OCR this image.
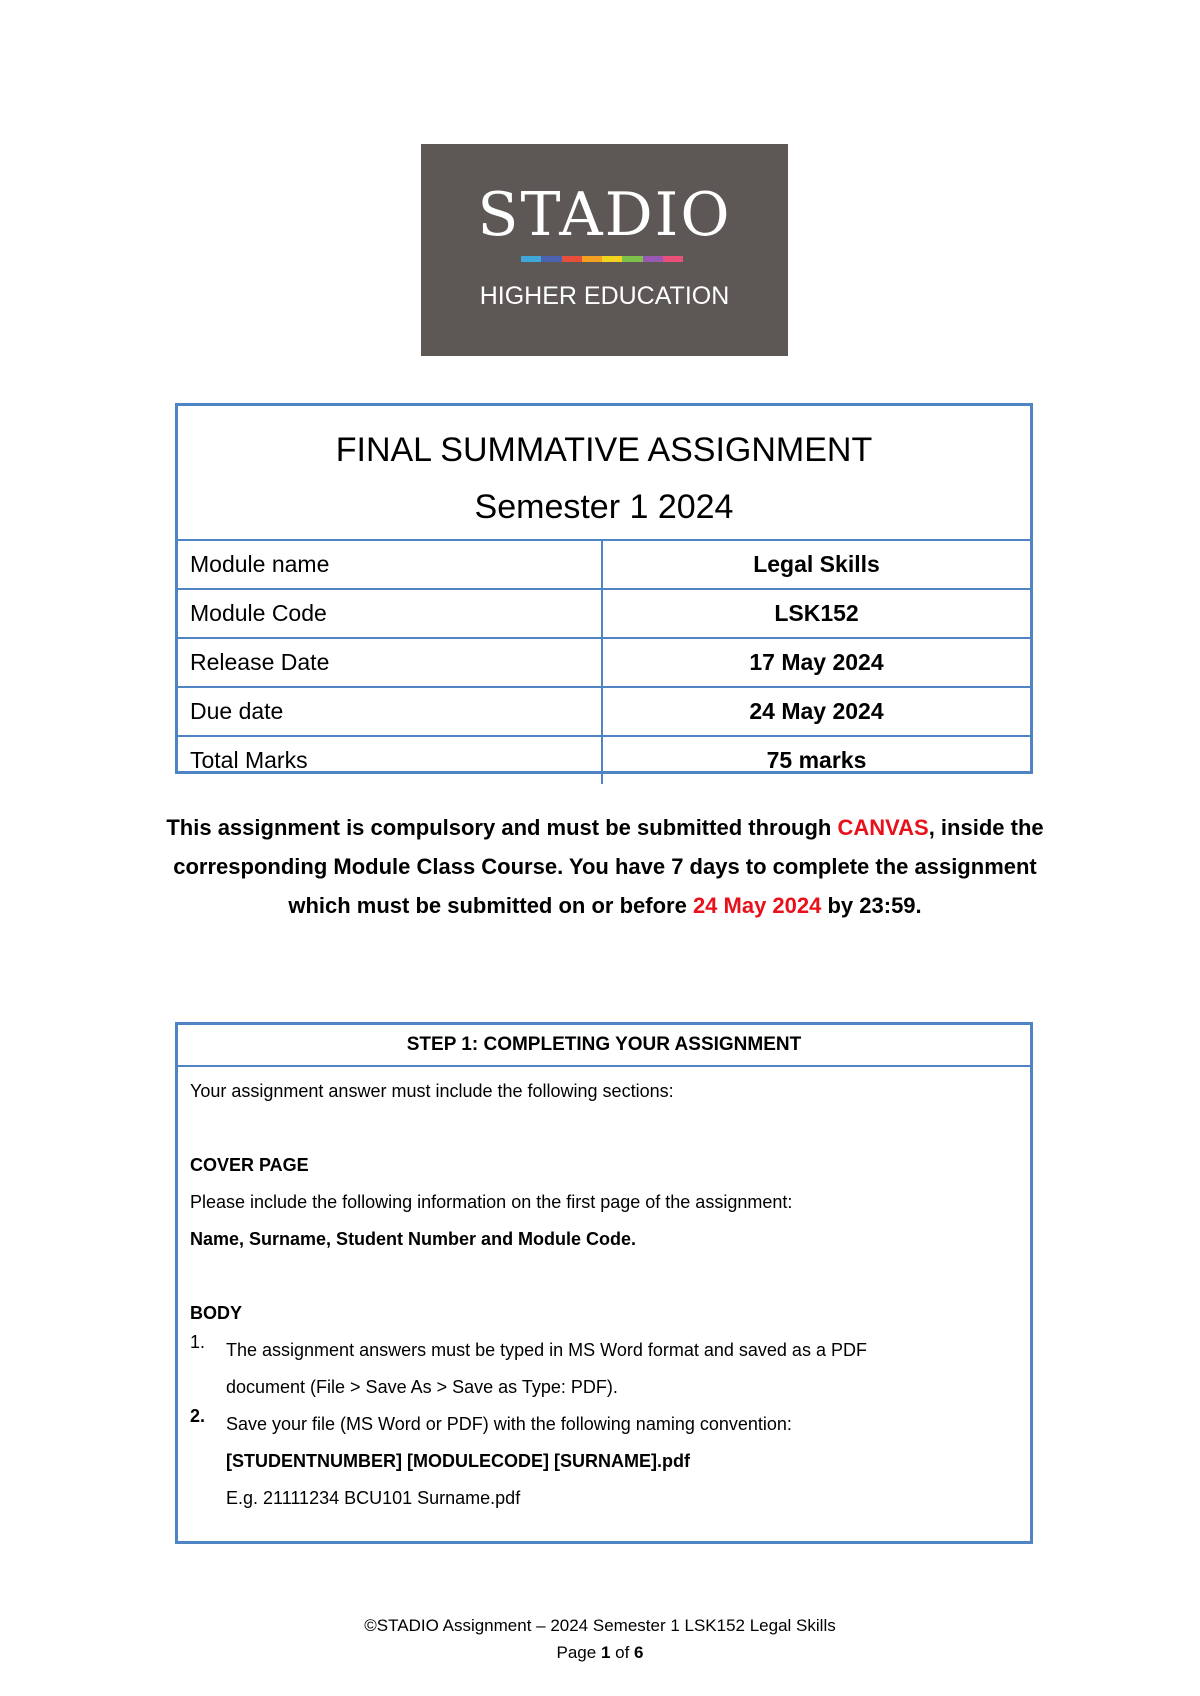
STADIO
HIGHER EDUCATION
FINAL SUMMATIVE ASSIGNMENT
Semester 1 2024
Module name	Legal Skills
Module Code	LSK152
Release Date	17 May 2024
Due date	24 May 2024
Total Marks	75 marks
This assignment is compulsory and must be submitted through CANVAS, inside the corresponding Module Class Course. You have 7 days to complete the assignment which must be submitted on or before 24 May 2024 by 23:59.
STEP 1: COMPLETING YOUR ASSIGNMENT
Your assignment answer must include the following sections:
COVER PAGE
Please include the following information on the first page of the assignment:
Name, Surname, Student Number and Module Code.
BODY
1. The assignment answers must be typed in MS Word format and saved as a PDF
document (File > Save As > Save as Type: PDF).
2. Save your file (MS Word or PDF) with the following naming convention:
[STUDENTNUMBER] [MODULECODE] [SURNAME].pdf
E.g. 21111234 BCU101 Surname.pdf
©STADIO Assignment – 2024 Semester 1 LSK152 Legal Skills
Page 1 of 6
